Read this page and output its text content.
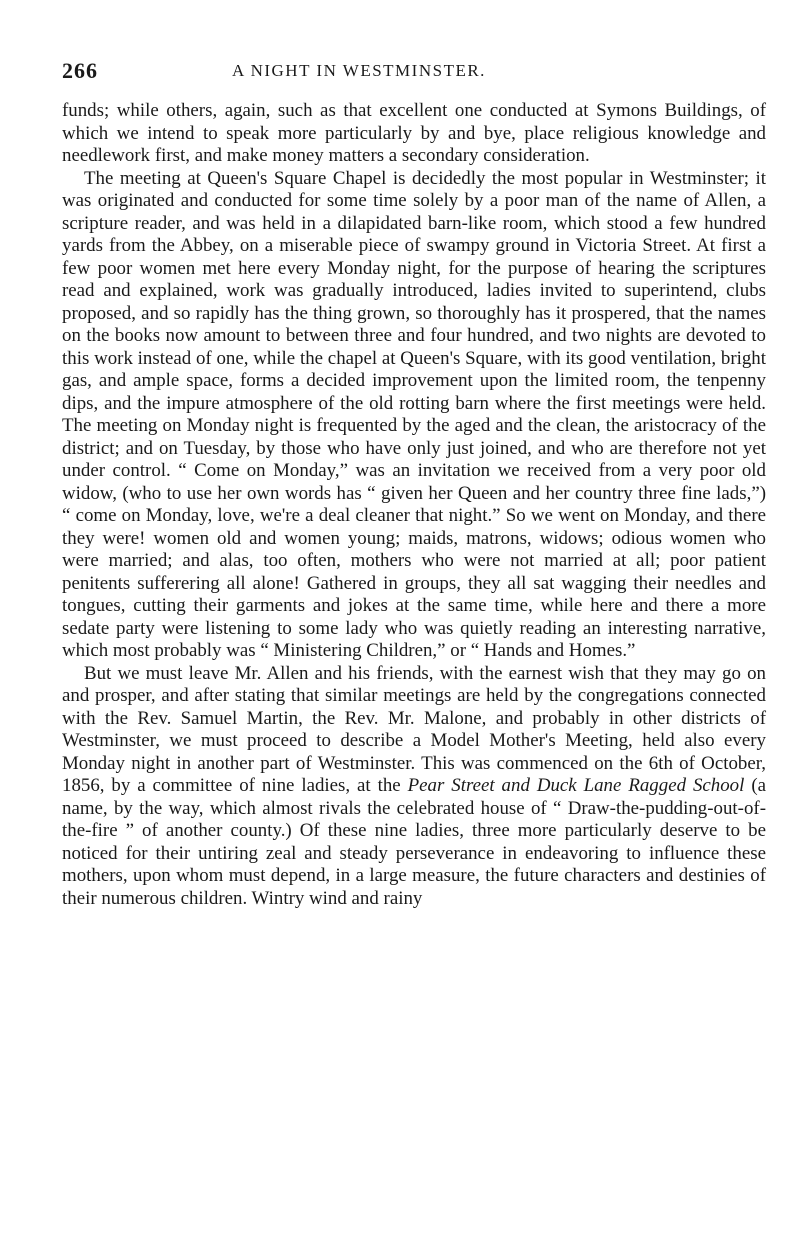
266	A NIGHT IN WESTMINSTER.

funds; while others, again, such as that excellent one conducted at Symons Buildings, of which we intend to speak more particularly by and bye, place religious knowledge and needlework first, and make money matters a secondary consideration.

The meeting at Queen's Square Chapel is decidedly the most popular in Westminster; it was originated and conducted for some time solely by a poor man of the name of Allen, a scripture reader, and was held in a dilapidated barn-like room, which stood a few hundred yards from the Abbey, on a miserable piece of swampy ground in Victoria Street. At first a few poor women met here every Monday night, for the purpose of hearing the scriptures read and explained, work was gradually introduced, ladies invited to superintend, clubs proposed, and so rapidly has the thing grown, so thoroughly has it prospered, that the names on the books now amount to between three and four hundred, and two nights are devoted to this work instead of one, while the chapel at Queen's Square, with its good ventilation, bright gas, and ample space, forms a decided improvement upon the limited room, the tenpenny dips, and the impure atmosphere of the old rotting barn where the first meetings were held. The meeting on Monday night is frequented by the aged and the clean, the aristocracy of the district; and on Tuesday, by those who have only just joined, and who are therefore not yet under control. “ Come on Monday,” was an invitation we received from a very poor old widow, (who to use her own words has “ given her Queen and her country three fine lads,”) “ come on Monday, love, we're a deal cleaner that night.” So we went on Monday, and there they were! women old and women young; maids, matrons, widows; odious women who were married; and alas, too often, mothers who were not married at all; poor patient penitents sufferering all alone! Gathered in groups, they all sat wagging their needles and tongues, cutting their garments and jokes at the same time, while here and there a more sedate party were listening to some lady who was quietly reading an interesting narrative, which most probably was “ Ministering Children,” or “ Hands and Homes.”

But we must leave Mr. Allen and his friends, with the earnest wish that they may go on and prosper, and after stating that similar meetings are held by the congregations connected with the Rev. Samuel Martin, the Rev. Mr. Malone, and probably in other districts of Westminster, we must proceed to describe a Model Mother's Meeting, held also every Monday night in another part of Westminster. This was commenced on the 6th of October, 1856, by a committee of nine ladies, at the Pear Street and Duck Lane Ragged School (a name, by the way, which almost rivals the celebrated house of “ Draw-the-pudding-out-of-the-fire ” of another county.) Of these nine ladies, three more particularly deserve to be noticed for their untiring zeal and steady perseverance in endeavoring to influence these mothers, upon whom must depend, in a large measure, the future characters and destinies of their numerous children. Wintry wind and rainy
